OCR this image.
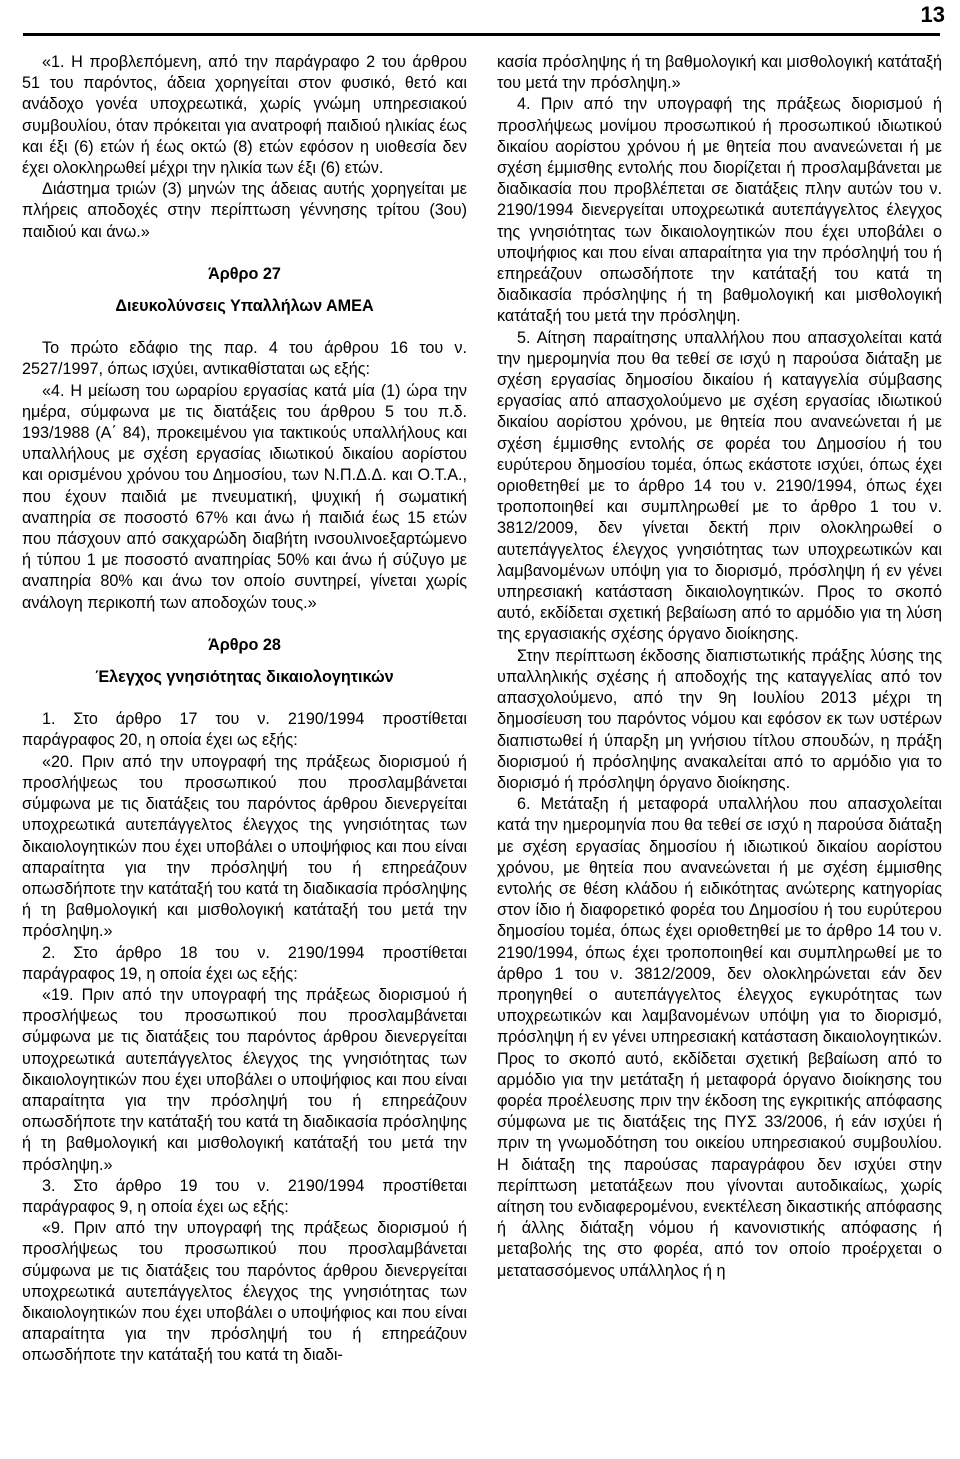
13

«1. Η προβλεπόμενη, από την παράγραφο 2 του άρθρου 51 του παρόντος, άδεια χορηγείται στον φυσικό, θετό και ανάδοχο γονέα υποχρεωτικά, χωρίς γνώμη υπηρεσιακού συμβουλίου, όταν πρόκειται για ανατροφή παιδιού ηλικίας έως και έξι (6) ετών ή έως οκτώ (8) ετών εφόσον η υιοθεσία δεν έχει ολοκληρωθεί μέχρι την ηλικία των έξι (6) ετών.

Διάστημα τριών (3) μηνών της άδειας αυτής χορηγείται με πλήρεις αποδοχές στην περίπτωση γέννησης τρίτου (3ου) παιδιού και άνω.»

Άρθρο 27
Διευκολύνσεις Υπαλλήλων ΑΜΕΑ

Το πρώτο εδάφιο της παρ. 4 του άρθρου 16 του ν. 2527/1997, όπως ισχύει, αντικαθίσταται ως εξής:

«4. Η μείωση του ωραρίου εργασίας κατά μία (1) ώρα την ημέρα, σύμφωνα με τις διατάξεις του άρθρου 5 του π.δ. 193/1988 (Α΄ 84), προκειμένου για τακτικούς υπαλλήλους και υπαλλήλους με σχέση εργασίας ιδιωτικού δικαίου αορίστου και ορισμένου χρόνου του Δημοσίου, των Ν.Π.Δ.Δ. και Ο.Τ.Α., που έχουν παιδιά με πνευματική, ψυχική ή σωματική αναπηρία σε ποσοστό 67% και άνω ή παιδιά έως 15 ετών που πάσχουν από σακχαρώδη διαβήτη ινσουλινοεξαρτώμενο ή τύπου 1 με ποσοστό αναπηρίας 50% και άνω ή σύζυγο με αναπηρία 80% και άνω τον οποίο συντηρεί, γίνεται χωρίς ανάλογη περικοπή των αποδοχών τους.»

Άρθρο 28
Έλεγχος γνησιότητας δικαιολογητικών

1. Στο άρθρο 17 του ν. 2190/1994 προστίθεται παράγραφος 20, η οποία έχει ως εξής:

«20. Πριν από την υπογραφή της πράξεως διορισμού ή προσλήψεως του προσωπικού που προσλαμβάνεται σύμφωνα με τις διατάξεις του παρόντος άρθρου διενεργείται υποχρεωτικά αυτεπάγγελτος έλεγχος της γνησιότητας των δικαιολογητικών που έχει υποβάλει ο υποψήφιος και που είναι απαραίτητα για την πρόσληψή του ή επηρεάζουν οπωσδήποτε την κατάταξή του κατά τη διαδικασία πρόσληψης ή τη βαθμολογική και μισθολογική κατάταξή του μετά την πρόσληψη.»

2. Στο άρθρο 18 του ν. 2190/1994 προστίθεται παράγραφος 19, η οποία έχει ως εξής:

«19. Πριν από την υπογραφή της πράξεως διορισμού ή προσλήψεως του προσωπικού που προσλαμβάνεται σύμφωνα με τις διατάξεις του παρόντος άρθρου διενεργείται υποχρεωτικά αυτεπάγγελτος έλεγχος της γνησιότητας των δικαιολογητικών που έχει υποβάλει ο υποψήφιος και που είναι απαραίτητα για την πρόσληψή του ή επηρεάζουν οπωσδήποτε την κατάταξή του κατά τη διαδικασία πρόσληψης ή τη βαθμολογική και μισθολογική κατάταξή του μετά την πρόσληψη.»

3. Στο άρθρο 19 του ν. 2190/1994 προστίθεται παράγραφος 9, η οποία έχει ως εξής:

«9. Πριν από την υπογραφή της πράξεως διορισμού ή προσλήψεως του προσωπικού που προσλαμβάνεται σύμφωνα με τις διατάξεις του παρόντος άρθρου διενεργείται υποχρεωτικά αυτεπάγγελτος έλεγχος της γνησιότητας των δικαιολογητικών που έχει υποβάλει ο υποψήφιος και που είναι απαραίτητα για την πρόσληψή του ή επηρεάζουν οπωσδήποτε την κατάταξή του κατά τη διαδι-

κασία πρόσληψης ή τη βαθμολογική και μισθολογική κατάταξή του μετά την πρόσληψη.»

4. Πριν από την υπογραφή της πράξεως διορισμού ή προσλήψεως μονίμου προσωπικού ή προσωπικού ιδιωτικού δικαίου αορίστου χρόνου ή με θητεία που ανανεώνεται ή με σχέση έμμισθης εντολής που διορίζεται ή προσλαμβάνεται με διαδικασία που προβλέπεται σε διατάξεις πλην αυτών του ν. 2190/1994 διενεργείται υποχρεωτικά αυτεπάγγελτος έλεγχος της γνησιότητας των δικαιολογητικών που έχει υποβάλει ο υποψήφιος και που είναι απαραίτητα για την πρόσληψή του ή επηρεάζουν οπωσδήποτε την κατάταξή του κατά τη διαδικασία πρόσληψης ή τη βαθμολογική και μισθολογική κατάταξή του μετά την πρόσληψη.

5. Αίτηση παραίτησης υπαλλήλου που απασχολείται κατά την ημερομηνία που θα τεθεί σε ισχύ η παρούσα διάταξη με σχέση εργασίας δημοσίου δικαίου ή καταγγελία σύμβασης εργασίας από απασχολούμενο με σχέση εργασίας ιδιωτικού δικαίου αορίστου χρόνου, με θητεία που ανανεώνεται ή με σχέση έμμισθης εντολής σε φορέα του Δημοσίου ή του ευρύτερου δημοσίου τομέα, όπως εκάστοτε ισχύει, όπως έχει οριοθετηθεί με το άρθρο 14 του ν. 2190/1994, όπως έχει τροποποιηθεί και συμπληρωθεί με το άρθρο 1 του ν. 3812/2009, δεν γίνεται δεκτή πριν ολοκληρωθεί ο αυτεπάγγελτος έλεγχος γνησιότητας των υποχρεωτικών και λαμβανομένων υπόψη για το διορισμό, πρόσληψη ή εν γένει υπηρεσιακή κατάσταση δικαιολογητικών. Προς το σκοπό αυτό, εκδίδεται σχετική βεβαίωση από το αρμόδιο για τη λύση της εργασιακής σχέσης όργανο διοίκησης.

Στην περίπτωση έκδοσης διαπιστωτικής πράξης λύσης της υπαλληλικής σχέσης ή αποδοχής της καταγγελίας από τον απασχολούμενο, από την 9η Ιουλίου 2013 μέχρι τη δημοσίευση του παρόντος νόμου και εφόσον εκ των υστέρων διαπιστωθεί ή ύπαρξη μη γνήσιου τίτλου σπουδών, η πράξη διορισμού ή πρόσληψης ανακαλείται από το αρμόδιο για το διορισμό ή πρόσληψη όργανο διοίκησης.

6. Μετάταξη ή μεταφορά υπαλλήλου που απασχολείται κατά την ημερομηνία που θα τεθεί σε ισχύ η παρούσα διάταξη με σχέση εργασίας δημοσίου ή ιδιωτικού δικαίου αορίστου χρόνου, με θητεία που ανανεώνεται ή με σχέση έμμισθης εντολής σε θέση κλάδου ή ειδικότητας ανώτερης κατηγορίας στον ίδιο ή διαφορετικό φορέα του Δημοσίου ή του ευρύτερου δημοσίου τομέα, όπως έχει οριοθετηθεί με το άρθρο 14 του ν. 2190/1994, όπως έχει τροποποιηθεί και συμπληρωθεί με το άρθρο 1 του ν. 3812/2009, δεν ολοκληρώνεται εάν δεν προηγηθεί ο αυτεπάγγελτος έλεγχος εγκυρότητας των υποχρεωτικών και λαμβανομένων υπόψη για το διορισμό, πρόσληψη ή εν γένει υπηρεσιακή κατάσταση δικαιολογητικών. Προς το σκοπό αυτό, εκδίδεται σχετική βεβαίωση από το αρμόδιο για την μετάταξη ή μεταφορά όργανο διοίκησης του φορέα προέλευσης πριν την έκδοση της εγκριτικής απόφασης σύμφωνα με τις διατάξεις της ΠΥΣ 33/2006, ή εάν ισχύει ή πριν τη γνωμοδότηση του οικείου υπηρεσιακού συμβουλίου. Η διάταξη της παρούσας παραγράφου δεν ισχύει στην περίπτωση μετατάξεων που γίνονται αυτοδικαίως, χωρίς αίτηση του ενδιαφερομένου, ενεκτέλεση δικαστικής απόφασης ή άλλης διάταξη νόμου ή κανονιστικής απόφασης ή μεταβολής της στο φορέα, από τον οποίο προέρχεται ο μετατασσόμενος υπάλληλος ή η
